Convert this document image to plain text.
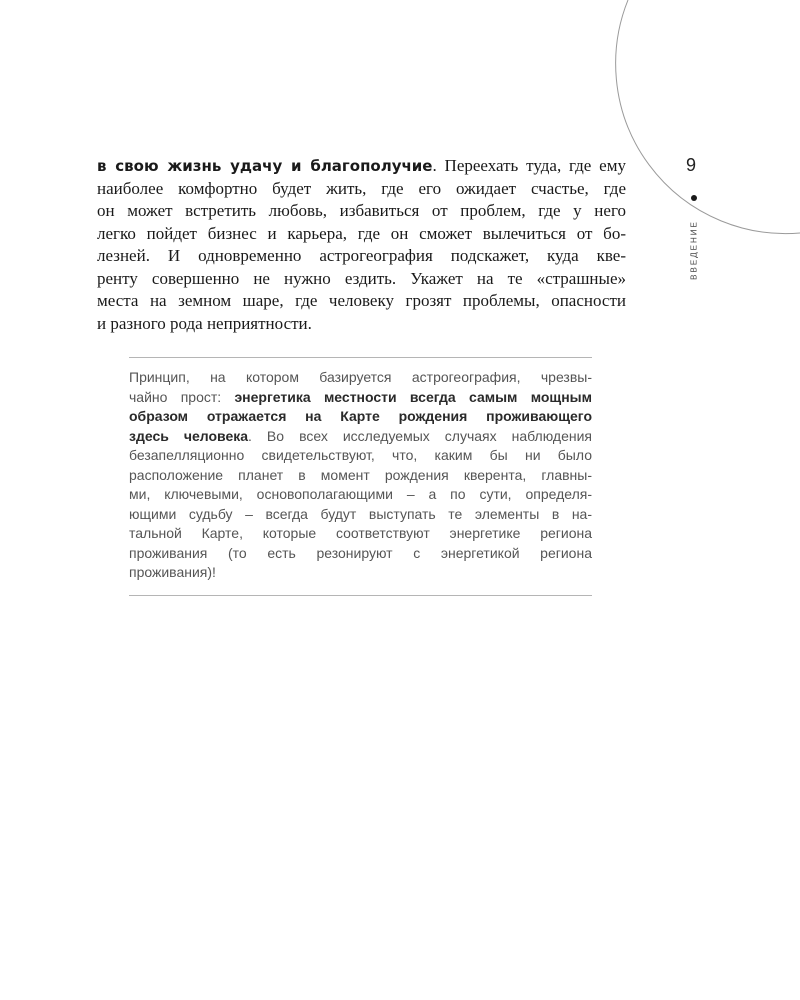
9
ВВЕДЕНИЕ
в свою жизнь удачу и благополучие. Переехать туда, где ему
наиболее комфортно будет жить, где его ожидает счастье, где
он может встретить любовь, избавиться от проблем, где у него
легко пойдет бизнес и карьера, где он сможет вылечиться от бо-
лезней. И одновременно астрогеография подскажет, куда кве-
ренту совершенно не нужно ездить. Укажет на те «страшные»
места на земном шаре, где человеку грозят проблемы, опасности
и разного рода неприятности.
Принцип, на котором базируется астрогеография, чрезвы-
чайно прост: энергетика местности всегда самым мощным
образом отражается на Карте рождения проживающего
здесь человека. Во всех исследуемых случаях наблюдения
безапелляционно свидетельствуют, что, каким бы ни было
расположение планет в момент рождения кверента, главны-
ми, ключевыми, основополагающими – а по сути, определя-
ющими судьбу – всегда будут выступать те элементы в на-
тальной Карте, которые соответствуют энергетике региона
проживания (то есть резонируют с энергетикой региона
проживания)!
